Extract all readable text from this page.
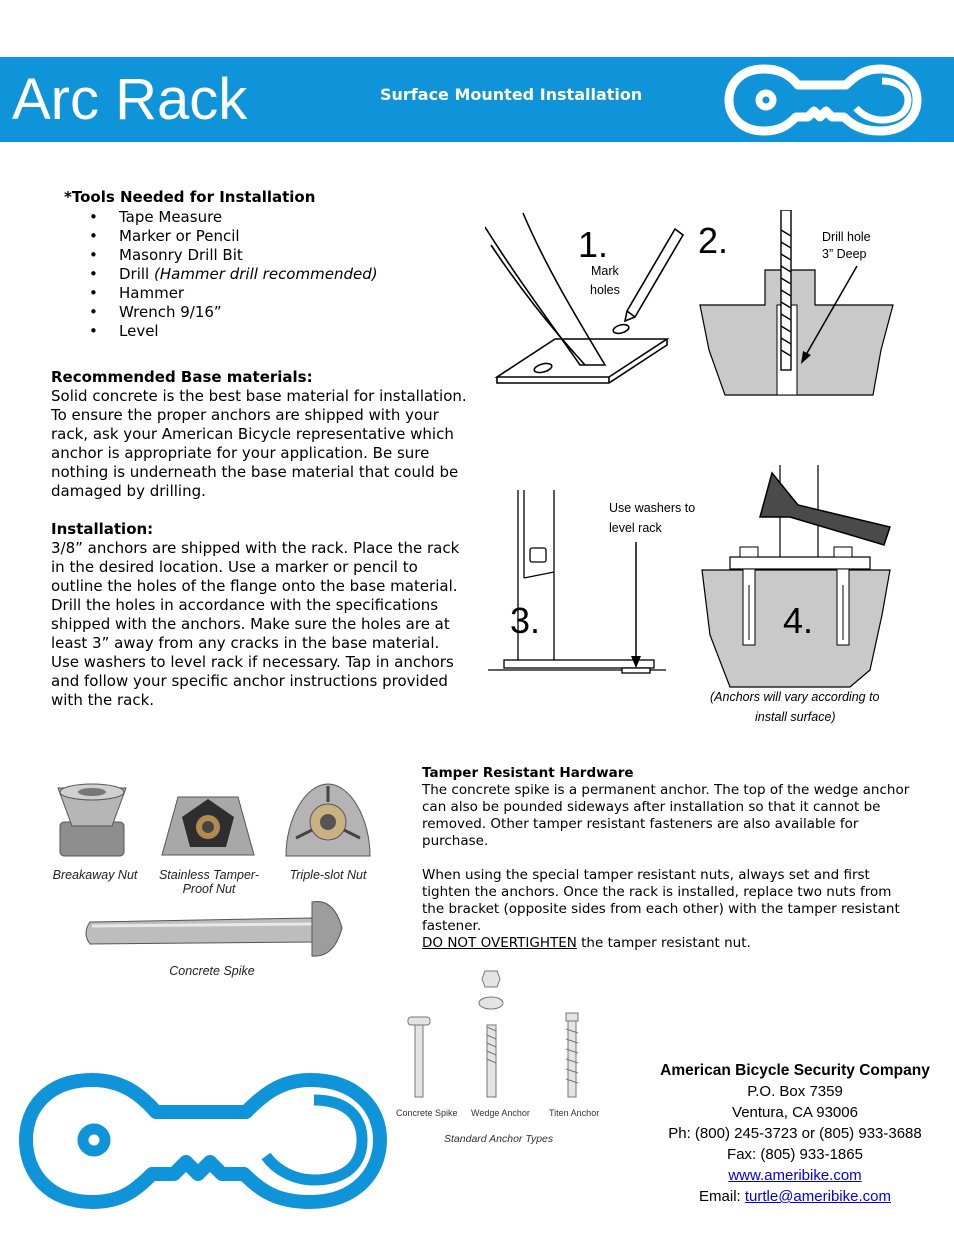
Arc Rack	Surface Mounted Installation
*Tools Needed for Installation
• Tape Measure
• Marker or Pencil
• Masonry Drill Bit
• Drill (Hammer drill recommended)
• Hammer
• Wrench 9/16”
• Level
Recommended Base materials:
Solid concrete is the best base material for installation. To ensure the proper anchors are shipped with your rack, ask your American Bicycle representative which anchor is appropriate for your application. Be sure nothing is underneath the base material that could be damaged by drilling.
Installation:
3/8” anchors are shipped with the rack. Place the rack in the desired location. Use a marker or pencil to outline the holes of the flange onto the base material. Drill the holes in accordance with the specifications shipped with the anchors. Make sure the holes are at least 3” away from any cracks in the base material. Use washers to level rack if necessary. Tap in anchors and follow your specific anchor instructions provided with the rack.
1.
Mark
holes
2.	Drill hole
3” Deep
3.
Use washers to
level rack
4.
(Anchors will vary according to
install surface)
Breakaway Nut	Stainless Tamper-
Proof Nut
Triple-slot Nut
Concrete Spike
Tamper Resistant Hardware
The concrete spike is a permanent anchor. The top of the wedge anchor can also be pounded sideways after installation so that it cannot be removed. Other tamper resistant fasteners are also available for purchase.
When using the special tamper resistant nuts, always set and first tighten the anchors. Once the rack is installed, replace two nuts from the bracket (opposite sides from each other) with the tamper resistant fastener.
DO NOT OVERTIGHTEN the tamper resistant nut.
Concrete Spike Wedge Anchor Titen Anchor
Standard Anchor Types
American Bicycle Security Company
P.O. Box 7359
Ventura, CA 93006
Ph: (800) 245-3723 or (805) 933-3688
Fax: (805) 933-1865
www.ameribike.com
Email: turtle@ameribike.com
